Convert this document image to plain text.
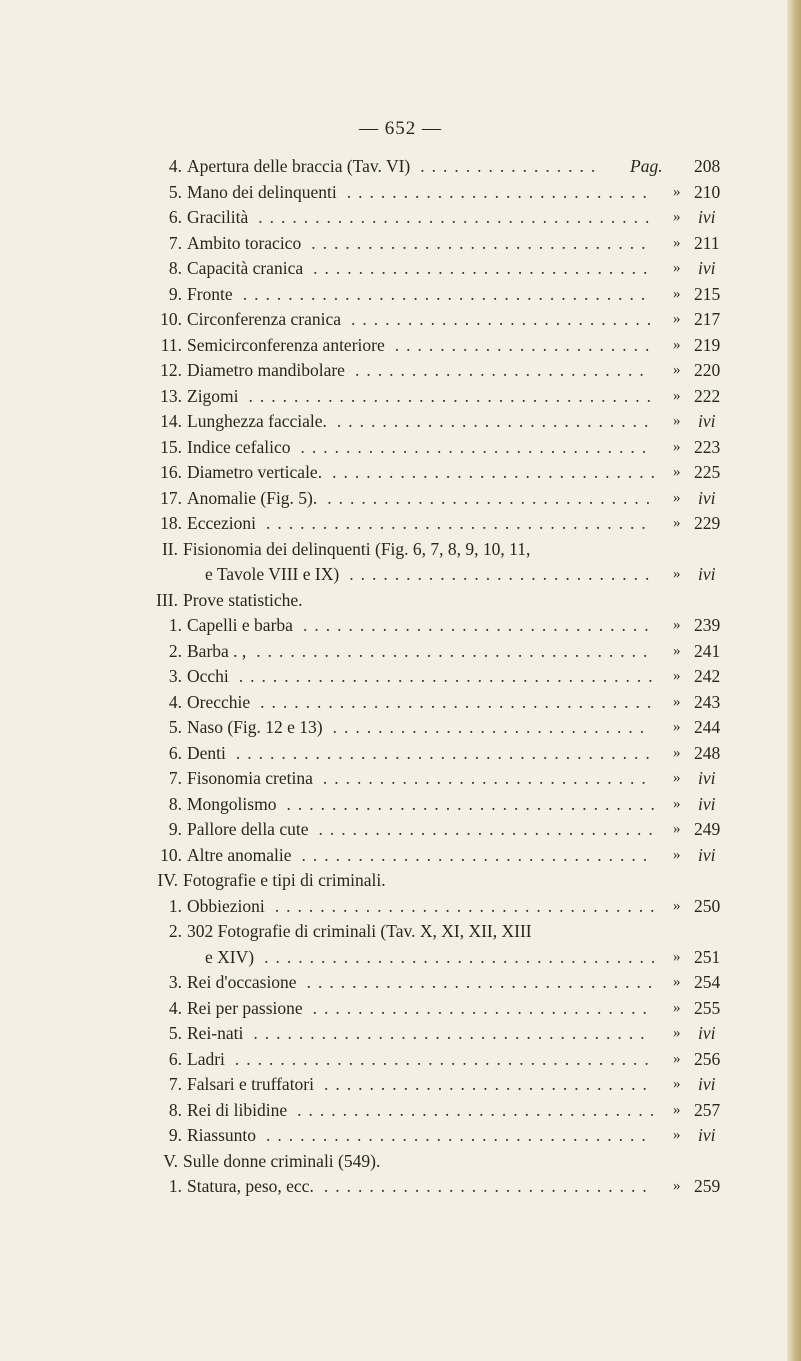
— 652 —
4. Apertura delle braccia (Tav. VI) ................ Pag. 208
5. Mano dei delinquenti ........................... » 210
6. Gracilità ................................... » ivi
7. Ambito toracico .............................. » 211
8. Capacità cranica .............................. » ivi
9. Fronte .................................... » 215
10. Circonferenza cranica ........................... » 217
11. Semicirconferenza anteriore ....................... » 219
12. Diametro mandibolare .......................... » 220
13. Zigomi .................................... » 222
14. Lunghezza facciale. ............................ » ivi
15. Indice cefalico ............................... » 223
16. Diametro verticale. ............................. » 225
17. Anomalie (Fig. 5). ............................. » ivi
18. Eccezioni .................................. » 229
II. Fisionomia dei delinquenti (Fig. 6, 7, 8, 9, 10, 11,
e Tavole VIII e IX) ........................... » ivi
III. Prove statistiche.
1. Capelli e barba ............................... » 239
2. Barba . , ................................... » 241
3. Occhi ..................................... » 242
4. Orecchie ................................... » 243
5. Naso (Fig. 12 e 13) ............................ » 244
6. Denti ..................................... » 248
7. Fisonomia cretina ............................. » ivi
8. Mongolismo ................................. » ivi
9. Pallore della cute .............................. » 249
10. Altre anomalie ............................... » ivi
IV. Fotografie e tipi di criminali.
1. Obbiezioni .................................. » 250
2. 302 Fotografie di criminali (Tav. X, XI, XII, XIII
e XIV) ................................... » 251
3. Rei d'occasione ............................... » 254
4. Rei per passione .............................. » 255
5. Rei-nati ................................... » ivi
6. Ladri ..................................... » 256
7. Falsari e truffatori ............................. » ivi
8. Rei di libidine ................................ » 257
9. Riassunto .................................. » ivi
V. Sulle donne criminali (549).
1. Statura, peso, ecc. ............................. » 259
